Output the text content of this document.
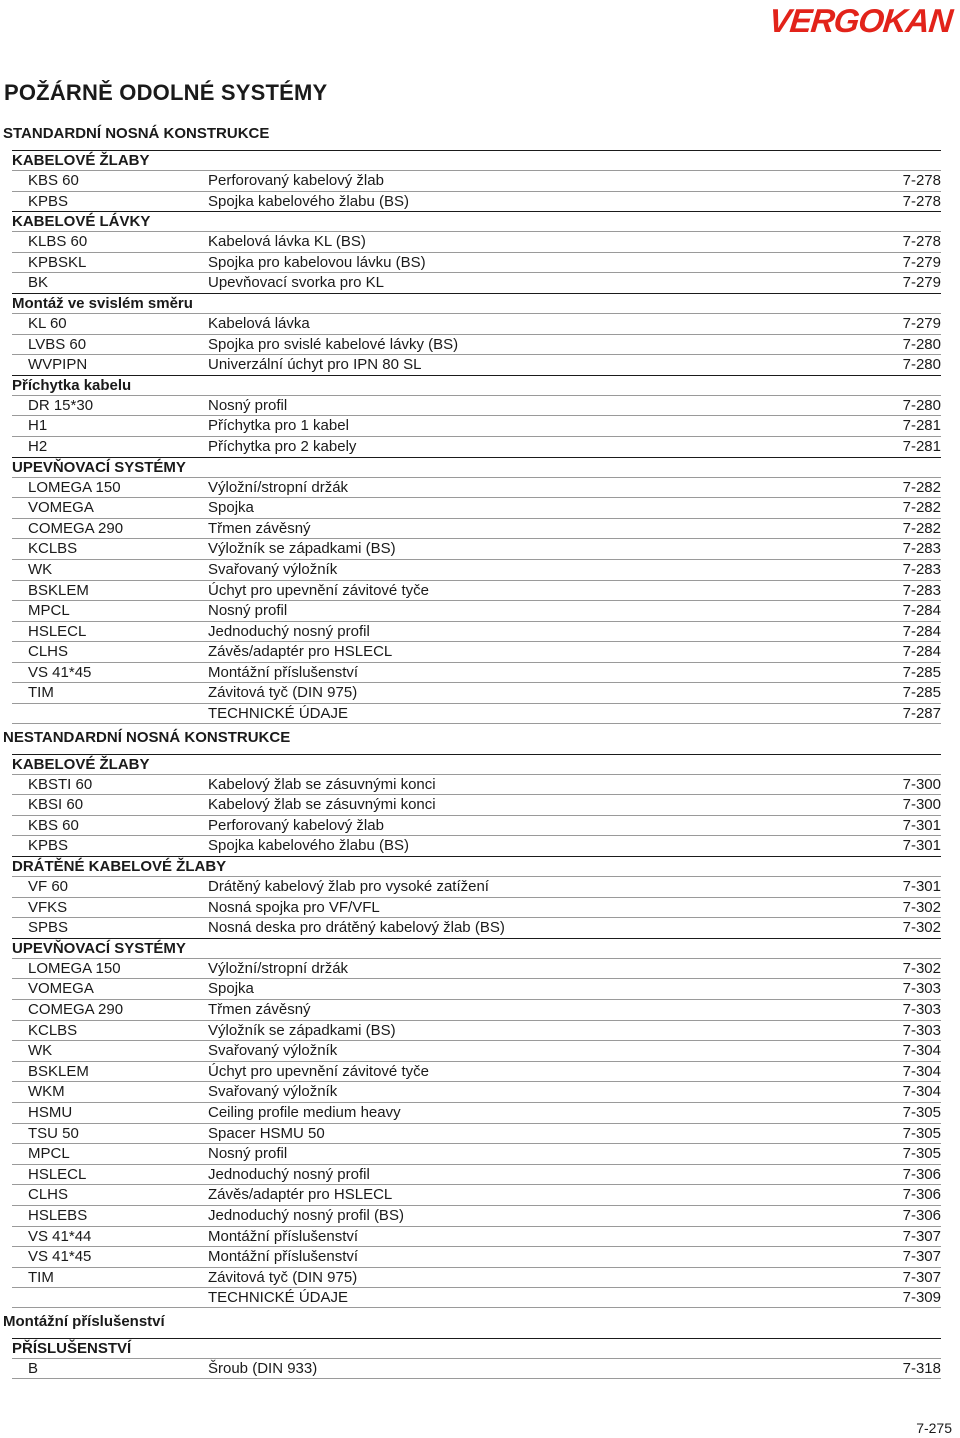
VERGOKAN
POŽÁRNĚ ODOLNÉ SYSTÉMY
STANDARDNÍ NOSNÁ KONSTRUKCE
KABELOVÉ ŽLABY
KBS 60	Perforovaný kabelový žlab	7-278
KPBS	Spojka kabelového žlabu (BS)	7-278
KABELOVÉ LÁVKY
KLBS 60	Kabelová lávka KL (BS)	7-278
KPBSKL	Spojka pro kabelovou lávku (BS)	7-279
BK	Upevňovací svorka pro KL	7-279
Montáž ve svislém směru
KL 60	Kabelová lávka	7-279
LVBS 60	Spojka pro svislé kabelové lávky (BS)	7-280
WVPIPN	Univerzální úchyt pro IPN 80 SL	7-280
Příchytka kabelu
DR 15*30	Nosný profil	7-280
H1	Příchytka pro 1 kabel	7-281
H2	Příchytka pro 2 kabely	7-281
UPEVŇOVACÍ SYSTÉMY
LOMEGA 150	Výložní/stropní držák	7-282
VOMEGA	Spojka	7-282
COMEGA 290	Třmen závěsný	7-282
KCLBS	Výložník se západkami (BS)	7-283
WK	Svařovaný výložník	7-283
BSKLEM	Úchyt pro upevnění závitové tyče	7-283
MPCL	Nosný profil	7-284
HSLECL	Jednoduchý nosný profil	7-284
CLHS	Závěs/adaptér pro HSLECL	7-284
VS 41*45	Montážní příslušenství	7-285
TIM	Závitová tyč (DIN 975)	7-285
TECHNICKÉ ÚDAJE	7-287
NESTANDARDNÍ NOSNÁ KONSTRUKCE
KABELOVÉ ŽLABY
KBSTI 60	Kabelový žlab se zásuvnými konci	7-300
KBSI 60	Kabelový žlab se zásuvnými konci	7-300
KBS 60	Perforovaný kabelový žlab	7-301
KPBS	Spojka kabelového žlabu (BS)	7-301
DRÁTĚNÉ KABELOVÉ ŽLABY
VF 60	Drátěný kabelový žlab pro vysoké zatížení	7-301
VFKS	Nosná spojka pro VF/VFL	7-302
SPBS	Nosná deska pro drátěný kabelový žlab (BS)	7-302
UPEVŇOVACÍ SYSTÉMY
LOMEGA 150	Výložní/stropní držák	7-302
VOMEGA	Spojka	7-303
COMEGA 290	Třmen závěsný	7-303
KCLBS	Výložník se západkami (BS)	7-303
WK	Svařovaný výložník	7-304
BSKLEM	Úchyt pro upevnění závitové tyče	7-304
WKM	Svařovaný výložník	7-304
HSMU	Ceiling profile medium heavy	7-305
TSU 50	Spacer HSMU 50	7-305
MPCL	Nosný profil	7-305
HSLECL	Jednoduchý nosný profil	7-306
CLHS	Závěs/adaptér pro HSLECL	7-306
HSLEBS	Jednoduchý nosný profil (BS)	7-306
VS 41*44	Montážní příslušenství	7-307
VS 41*45	Montážní příslušenství	7-307
TIM	Závitová tyč (DIN 975)	7-307
TECHNICKÉ ÚDAJE	7-309
Montážní příslušenství
PŘÍSLUŠENSTVÍ
B	Šroub (DIN 933)	7-318
7-275
